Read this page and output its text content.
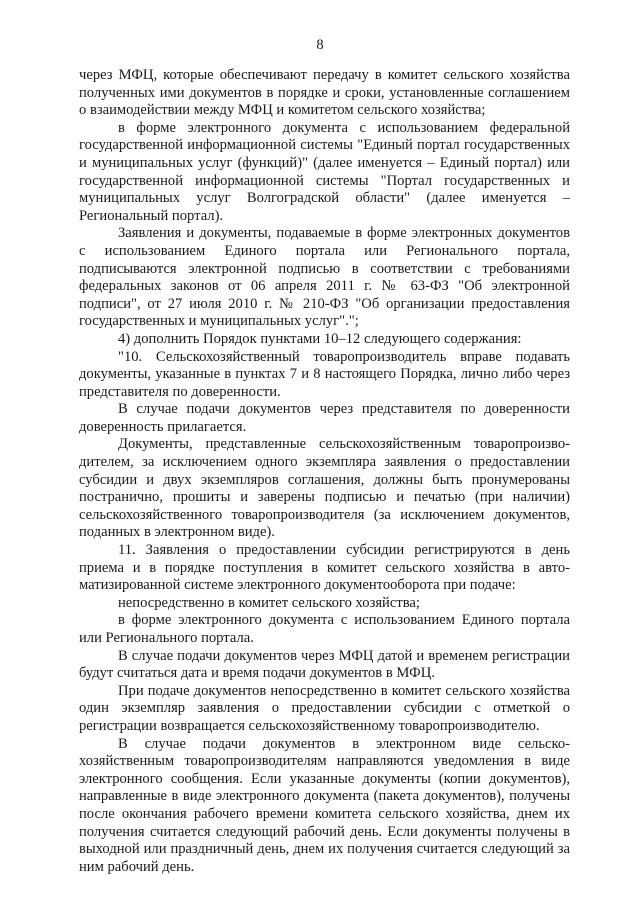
8

через МФЦ, которые обеспечивают передачу в комитет сельского хозяйства полученных ими документов в порядке и сроки, установленные соглашением о взаимодействии между МФЦ и комитетом сельского хозяйства;

в форме электронного документа с использованием федеральной государственной информационной системы "Единый портал государственных и муниципальных услуг (функций)" (далее именуется – Единый портал) или государственной информационной системы "Портал государственных и муниципальных услуг Волгоградской области" (далее именуется – Региональный портал).

Заявления и документы, подаваемые в форме электронных документов с использованием Единого портала или Регионального портала, подписываются электронной подписью в соответствии с требованиями федеральных законов от 06 апреля 2011 г. № 63-ФЗ "Об электронной подписи", от 27 июля 2010 г. № 210-ФЗ "Об организации предоставления государственных и муниципальных услуг".";

4) дополнить Порядок пунктами 10–12 следующего содержания:

"10. Сельскохозяйственный товаропроизводитель вправе подавать документы, указанные в пунктах 7 и 8 настоящего Порядка, лично либо через представителя по доверенности.

В случае подачи документов через представителя по доверенности доверенность прилагается.

Документы, представленные сельскохозяйственным товаропроизво-дителем, за исключением одного экземпляра заявления о предоставлении субсидии и двух экземпляров соглашения, должны быть пронумерованы постранично, прошиты и заверены подписью и печатью (при наличии) сельскохозяйственного товаропроизводителя (за исключением документов, поданных в электронном виде).

11. Заявления о предоставлении субсидии регистрируются в день приема и в порядке поступления в комитет сельского хозяйства в авто-матизированной системе электронного документооборота при подаче:

непосредственно в комитет сельского хозяйства;

в форме электронного документа с использованием Единого портала или Регионального портала.

В случае подачи документов через МФЦ датой и временем регистрации будут считаться дата и время подачи документов в МФЦ.

При подаче документов непосредственно в комитет сельского хозяйства один экземпляр заявления о предоставлении субсидии с отметкой о регистрации возвращается сельскохозяйственному товаропроизводителю.

В случае подачи документов в электронном виде сельско-хозяйственным товаропроизводителям направляются уведомления в виде электронного сообщения. Если указанные документы (копии документов), направленные в виде электронного документа (пакета документов), получены после окончания рабочего времени комитета сельского хозяйства, днем их получения считается следующий рабочий день. Если документы получены в выходной или праздничный день, днем их получения считается следующий за ним рабочий день.
